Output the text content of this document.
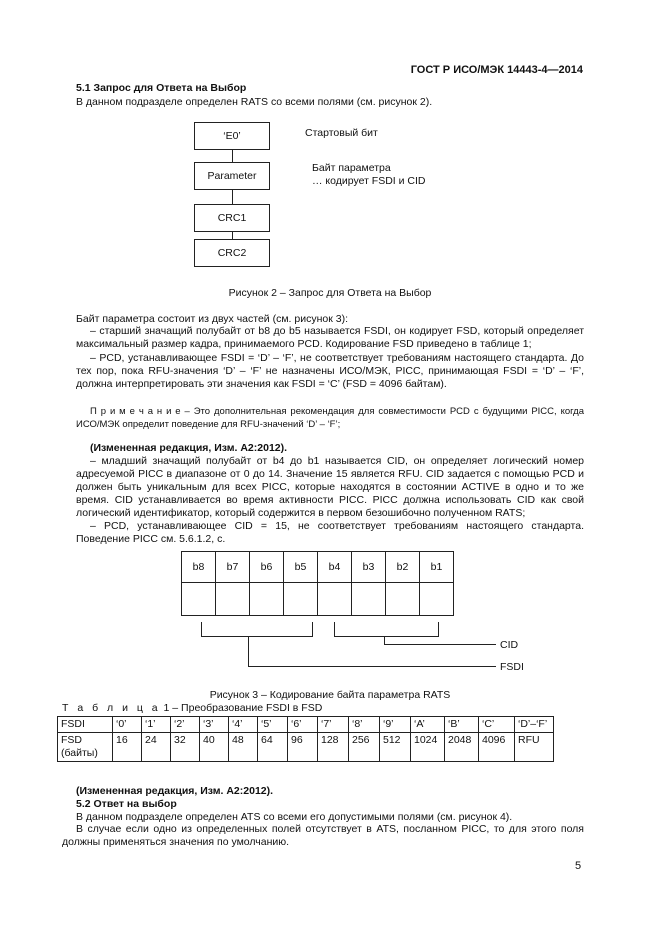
ГОСТ Р ИСО/МЭК 14443-4—2014
5.1 Запрос для Ответа на Выбор
В данном подразделе определен RATS со всеми полями (см. рисунок 2).
‘E0’
Parameter
CRC1
CRC2
Стартовый бит
Байт параметра
… кодирует FSDI и CID
Рисунок 2 – Запрос для Ответа на Выбор
Байт параметра состоит из двух частей (см. рисунок 3):
– старший значащий полубайт от b8 до b5 называется FSDI, он кодирует FSD, который определяет максимальный размер кадра, принимаемого PCD. Кодирование FSD приведено в таблице 1;
– PCD, устанавливающее FSDI = ‘D’ – ‘F’, не соответствует требованиям настоящего стандарта. До тех пор, пока RFU-значения ‘D’ – ‘F’ не назначены ИСО/МЭК, PICC, принимающая FSDI = ‘D’ – ‘F’, должна интерпретировать эти значения как FSDI = ‘C’ (FSD = 4096 байтам).
П р и м е ч а н и е – Это дополнительная рекомендация для совместимости PCD с будущими PICC, когда ИСО/МЭК определит поведение для RFU-значений ‘D’ – ‘F’;
(Измененная редакция, Изм. А2:2012).
– младший значащий полубайт от b4 до b1 называется CID, он определяет логический номер адресуемой PICC в диапазоне от 0 до 14. Значение 15 является RFU. CID задается с помощью PCD и должен быть уникальным для всех PICC, которые находятся в состоянии ACTIVE в одно и то же время. CID устанавливается во время активности PICC. PICC должна использовать CID как свой логический идентификатор, который содержится в первом безошибочно полученном RATS;
– PCD, устанавливающее CID = 15, не соответствует требованиям настоящего стандарта. Поведение PICC см. 5.6.1.2, с.
b8	b7	b6	b5	b4	b3	b2	b1

CID
FSDI
Рисунок 3 – Кодирование байта параметра RATS
Т а б л и ц а 1 – Преобразование FSDI в FSD
FSDI	‘0’	‘1’	‘2’	‘3’	‘4’	‘5’	‘6’	‘7’	‘8’	‘9’	‘A’	‘B’	‘C’	‘D’–‘F’

FSD
(байты)	16	24	32	40	48	64	96	128	256	512	1024	2048	4096	RFU
(Измененная редакция, Изм. А2:2012).
5.2 Ответ на выбор
В данном подразделе определен ATS со всеми его допустимыми полями (см. рисунок 4).
В случае если одно из определенных полей отсутствует в ATS, посланном PICC, то для этого поля должны применяться значения по умолчанию.
5
